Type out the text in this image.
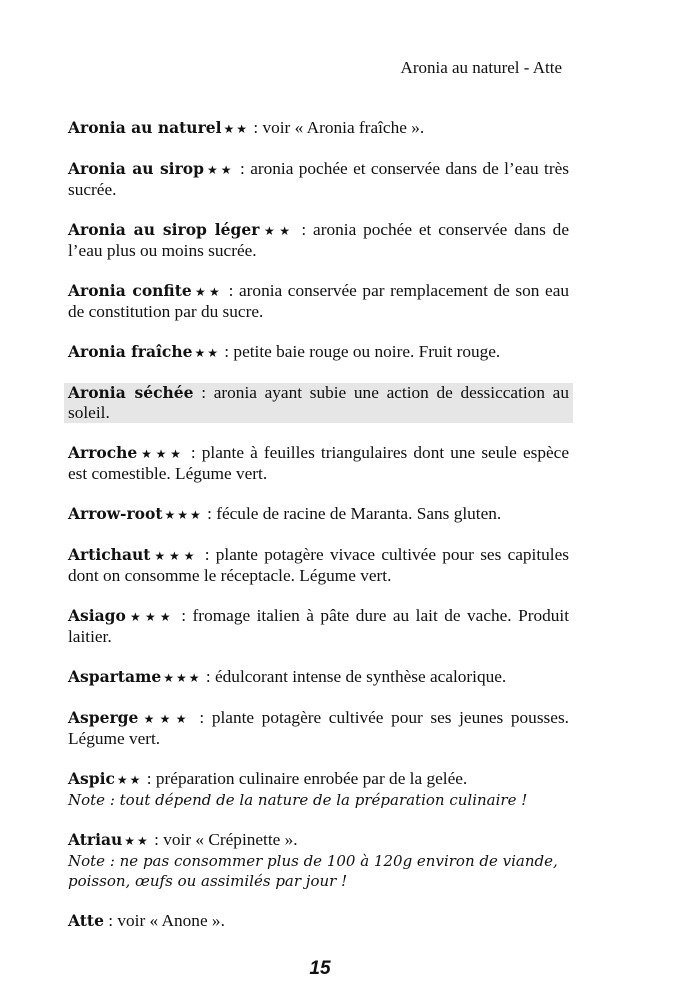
Aronia au naturel - Atte

Aronia au naturel ★★ : voir « Aronia fraîche ».

Aronia au sirop ★★ : aronia pochée et conservée dans de l’eau très sucrée.

Aronia au sirop léger ★★ : aronia pochée et conservée dans de l’eau plus ou moins sucrée.

Aronia confite ★★ : aronia conservée par remplacement de son eau de constitution par du sucre.

Aronia fraîche ★★ : petite baie rouge ou noire. Fruit rouge.

Aronia séchée : aronia ayant subie une action de dessiccation au soleil.

Arroche ★★★ : plante à feuilles triangulaires dont une seule espèce est comestible. Légume vert.

Arrow-root ★★★ : fécule de racine de Maranta. Sans gluten.

Artichaut ★★★ : plante potagère vivace cultivée pour ses capitules dont on consomme le réceptacle. Légume vert.

Asiago ★★★ : fromage italien à pâte dure au lait de vache. Produit laitier.

Aspartame ★★★ : édulcorant intense de synthèse acalorique.

Asperge ★★★ : plante potagère cultivée pour ses jeunes pousses. Légume vert.

Aspic ★★ : préparation culinaire enrobée par de la gelée.
Note : tout dépend de la nature de la préparation culinaire !

Atriau ★★ : voir « Crépinette ».
Note : ne pas consommer plus de 100 à 120g environ de viande, poisson, œufs ou assimilés par jour !

Atte : voir « Anone ».

15
